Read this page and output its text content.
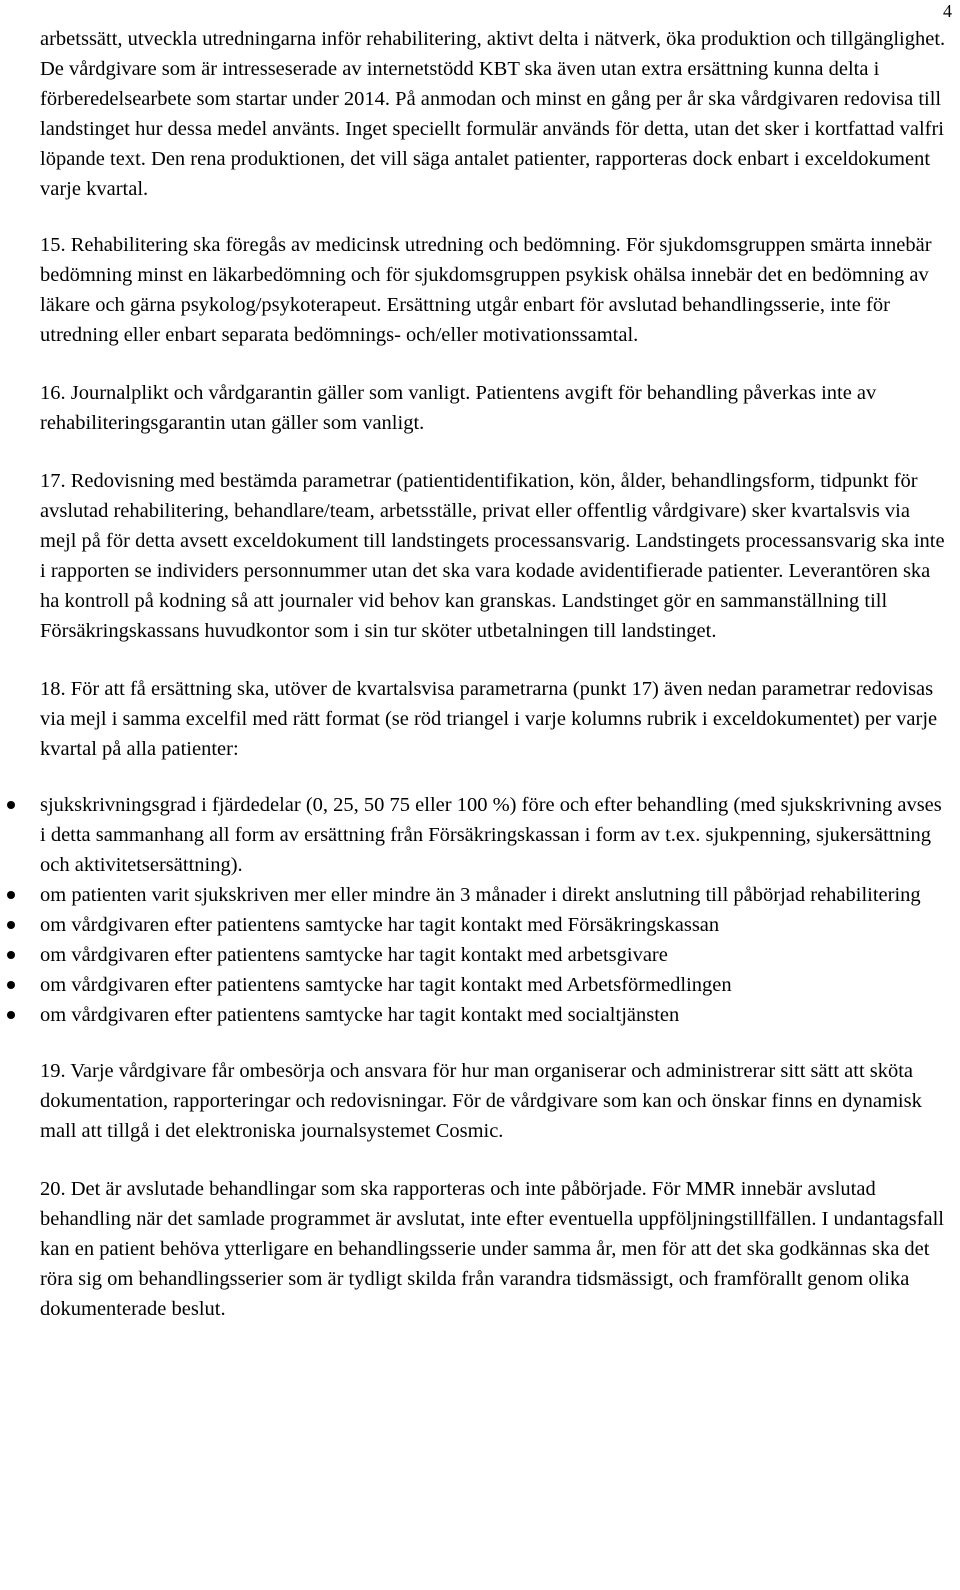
4

arbetssätt, utveckla utredningarna inför rehabilitering, aktivt delta i nätverk, öka produktion och tillgänglighet. De vårdgivare som är intresseserade av internetstödd KBT ska även utan extra ersättning kunna delta i förberedelsearbete som startar under 2014. På anmodan och minst en gång per år ska vårdgivaren redovisa till landstinget hur dessa medel använts. Inget speciellt formulär används för detta, utan det sker i kortfattad valfri löpande text. Den rena produktionen, det vill säga antalet patienter, rapporteras dock enbart i exceldokument varje kvartal.

15. Rehabilitering ska föregås av medicinsk utredning och bedömning. För sjukdomsgruppen smärta innebär bedömning minst en läkarbedömning och för sjukdomsgruppen psykisk ohälsa innebär det en bedömning av läkare och gärna psykolog/psykoterapeut. Ersättning utgår enbart för avslutad behandlingsserie, inte för utredning eller enbart separata bedömnings- och/eller motivationssamtal.

16. Journalplikt och vårdgarantin gäller som vanligt. Patientens avgift för behandling påverkas inte av rehabiliteringsgarantin utan gäller som vanligt.

17. Redovisning med bestämda parametrar (patientidentifikation, kön, ålder, behandlingsform, tidpunkt för avslutad rehabilitering, behandlare/team, arbetsställe, privat eller offentlig vårdgivare) sker kvartalsvis via mejl på för detta avsett exceldokument till landstingets processansvarig. Landstingets processansvarig ska inte i rapporten se individers personnummer utan det ska vara kodade avidentifierade patienter. Leverantören ska ha kontroll på kodning så att journaler vid behov kan granskas. Landstinget gör en sammanställning till Försäkringskassans huvudkontor som i sin tur sköter utbetalningen till landstinget.

18. För att få ersättning ska, utöver de kvartalsvisa parametrarna (punkt 17) även nedan parametrar redovisas via mejl i samma excelfil med rätt format (se röd triangel i varje kolumns rubrik i exceldokumentet) per varje kvartal på alla patienter:

sjukskrivningsgrad i fjärdedelar (0, 25, 50 75 eller 100 %) före och efter behandling (med sjukskrivning avses i detta sammanhang all form av ersättning från Försäkringskassan i form av t.ex. sjukpenning, sjukersättning och aktivitetsersättning).
om patienten varit sjukskriven mer eller mindre än 3 månader i direkt anslutning till påbörjad rehabilitering
om vårdgivaren efter patientens samtycke har tagit kontakt med Försäkringskassan
om vårdgivaren efter patientens samtycke har tagit kontakt med arbetsgivare
om vårdgivaren efter patientens samtycke har tagit kontakt med Arbetsförmedlingen
om vårdgivaren efter patientens samtycke har tagit kontakt med socialtjänsten

19. Varje vårdgivare får ombesörja och ansvara för hur man organiserar och administrerar sitt sätt att sköta dokumentation, rapporteringar och redovisningar. För de vårdgivare som kan och önskar finns en dynamisk mall att tillgå i det elektroniska journalsystemet Cosmic.

20. Det är avslutade behandlingar som ska rapporteras och inte påbörjade. För MMR innebär avslutad behandling när det samlade programmet är avslutat, inte efter eventuella uppföljningstillfällen. I undantagsfall kan en patient behöva ytterligare en behandlingsserie under samma år, men för att det ska godkännas ska det röra sig om behandlingsserier som är tydligt skilda från varandra tidsmässigt, och framförallt genom olika dokumenterade beslut.
